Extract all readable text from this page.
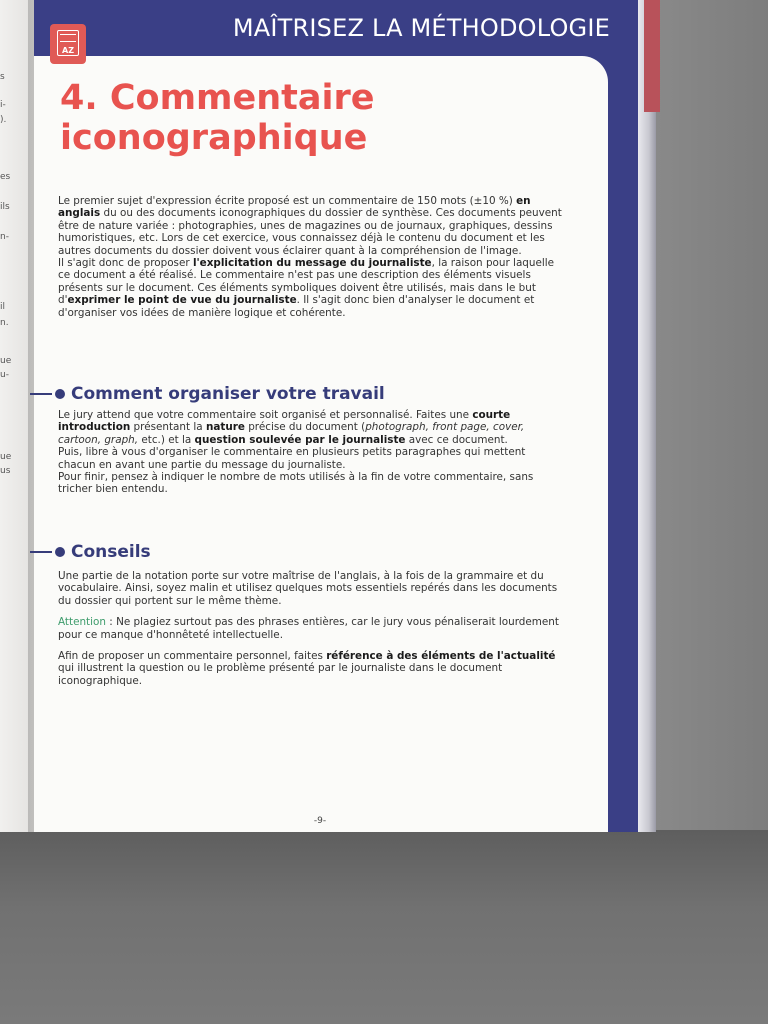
s
i-
).
es
ils
n-
il
n.
ue
u-
ue
us
MAÎTRISEZ LA MÉTHODOLOGIE
AZ
4. Commentaire
iconographique

Le premier sujet d'expression écrite proposé est un commentaire de 150 mots (±10 %) en anglais du ou des documents iconographiques du dossier de synthèse. Ces documents peuvent être de nature variée : photographies, unes de magazines ou de journaux, graphiques, dessins humoristiques, etc. Lors de cet exercice, vous connaissez déjà le contenu du document et les autres documents du dossier doivent vous éclairer quant à la compréhension de l'image.

Il s'agit donc de proposer l'explicitation du message du journaliste, la raison pour laquelle ce document a été réalisé. Le commentaire n'est pas une description des éléments visuels présents sur le document. Ces éléments symboliques doivent être utilisés, mais dans le but d'exprimer le point de vue du journaliste. Il s'agit donc bien d'analyser le document et d'organiser vos idées de manière logique et cohérente.

Comment organiser votre travail

Le jury attend que votre commentaire soit organisé et personnalisé. Faites une courte introduction présentant la nature précise du document (photograph, front page, cover, cartoon, graph, etc.) et la question soulevée par le journaliste avec ce document.

Puis, libre à vous d'organiser le commentaire en plusieurs petits paragraphes qui mettent chacun en avant une partie du message du journaliste.

Pour finir, pensez à indiquer le nombre de mots utilisés à la fin de votre commentaire, sans tricher bien entendu.

Conseils

Une partie de la notation porte sur votre maîtrise de l'anglais, à la fois de la grammaire et du vocabulaire. Ainsi, soyez malin et utilisez quelques mots essentiels repérés dans les documents du dossier qui portent sur le même thème.

Attention : Ne plagiez surtout pas des phrases entières, car le jury vous pénaliserait lourdement pour ce manque d'honnêteté intellectuelle.

Afin de proposer un commentaire personnel, faites référence à des éléments de l'actualité qui illustrent la question ou le problème présenté par le journaliste dans le document iconographique.

-9-
